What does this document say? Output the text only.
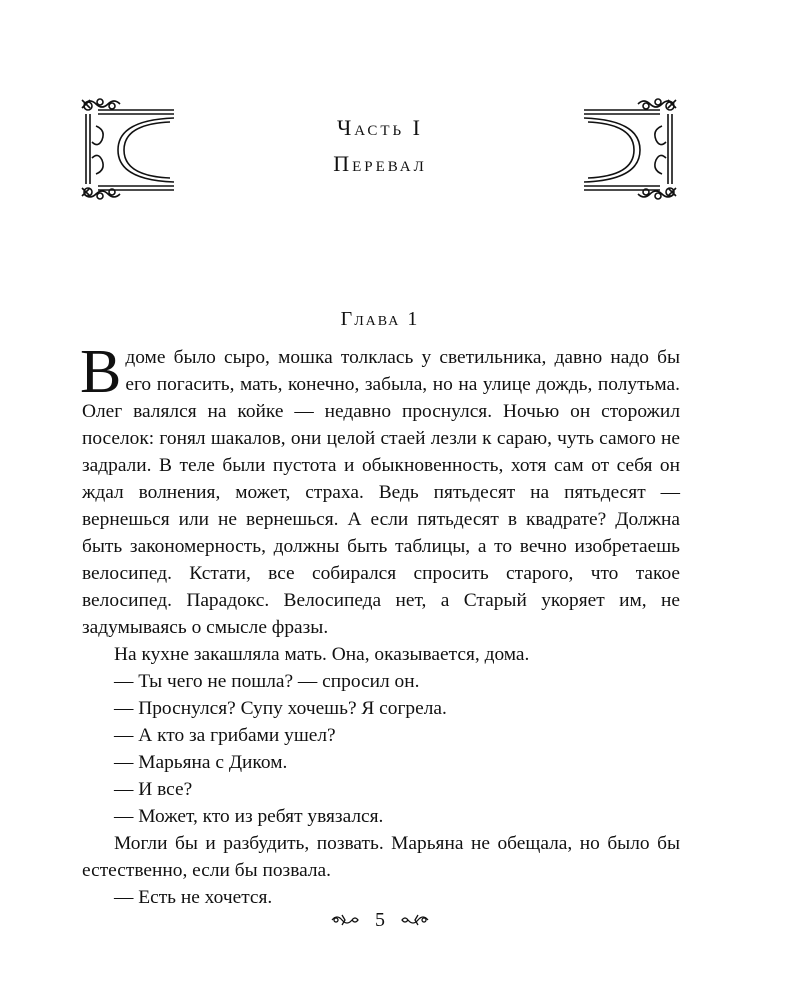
Часть I
Перевал
Глава 1

Вдоме было сыро, мошка толклась у светильника, давно надо бы его погасить, мать, конечно, забыла, но на улице дождь, полутьма. Олег валялся на койке — недавно проснулся. Ночью он сторожил поселок: гонял шакалов, они целой стаей лезли к сараю, чуть самого не задрали. В теле были пустота и обыкновенность, хотя сам от себя он ждал волнения, может, страха. Ведь пятьдесят на пятьдесят — вернешься или не вернешься. А если пятьдесят в квадрате? Должна быть закономерность, должны быть таблицы, а то вечно изобретаешь велосипед. Кстати, все собирался спросить старого, что такое велосипед. Парадокс. Велосипеда нет, а Старый укоряет им, не задумываясь о смысле фразы.

На кухне закашляла мать. Она, оказывается, дома.

— Ты чего не пошла? — спросил он.

— Проснулся? Супу хочешь? Я согрела.

— А кто за грибами ушел?

— Марьяна с Диком.

— И все?

— Может, кто из ребят увязался.

Могли бы и разбудить, позвать. Марьяна не обещала, но было бы естественно, если бы позвала.

— Есть не хочется.

5
